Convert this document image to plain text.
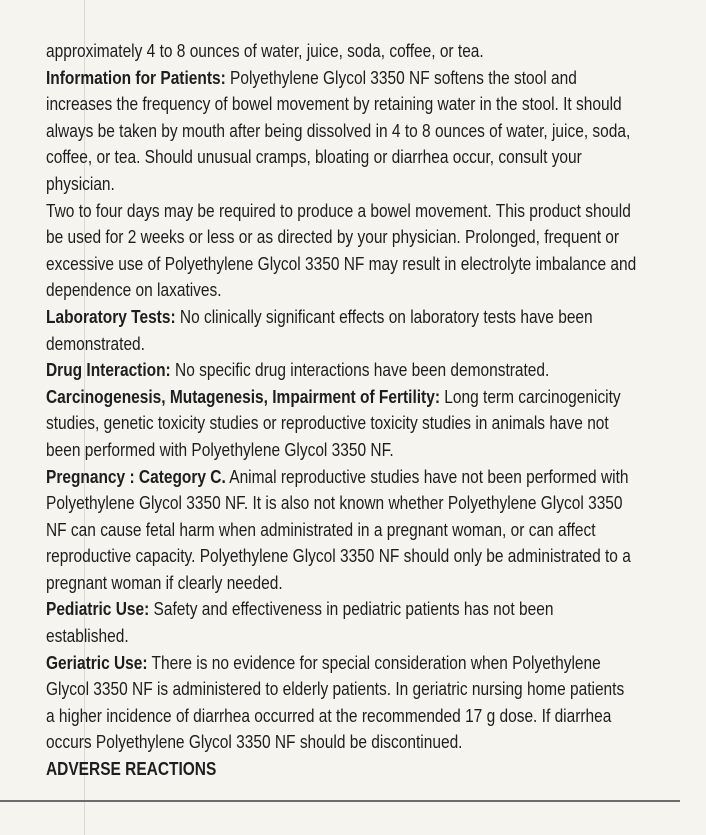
approximately 4 to 8 ounces of water, juice, soda, coffee, or tea.
Information for Patients: Polyethylene Glycol 3350 NF softens the stool and
increases the frequency of bowel movement by retaining water in the stool. It should
always be taken by mouth after being dissolved in 4 to 8 ounces of water, juice, soda,
coffee, or tea. Should unusual cramps, bloating or diarrhea occur, consult your
physician.
Two to four days may be required to produce a bowel movement. This product should
be used for 2 weeks or less or as directed by your physician. Prolonged, frequent or
excessive use of Polyethylene Glycol 3350 NF may result in electrolyte imbalance and
dependence on laxatives.
Laboratory Tests: No clinically significant effects on laboratory tests have been
demonstrated.
Drug Interaction: No specific drug interactions have been demonstrated.
Carcinogenesis, Mutagenesis, Impairment of Fertility: Long term carcinogenicity
studies, genetic toxicity studies or reproductive toxicity studies in animals have not
been performed with Polyethylene Glycol 3350 NF.
Pregnancy : Category C. Animal reproductive studies have not been performed with
Polyethylene Glycol 3350 NF. It is also not known whether Polyethylene Glycol 3350
NF can cause fetal harm when administrated in a pregnant woman, or can affect
reproductive capacity. Polyethylene Glycol 3350 NF should only be administrated to a
pregnant woman if clearly needed.
Pediatric Use: Safety and effectiveness in pediatric patients has not been
established.
Geriatric Use: There is no evidence for special consideration when Polyethylene
Glycol 3350 NF is administered to elderly patients. In geriatric nursing home patients
a higher incidence of diarrhea occurred at the recommended 17 g dose. If diarrhea
occurs Polyethylene Glycol 3350 NF should be discontinued.
ADVERSE REACTIONS
